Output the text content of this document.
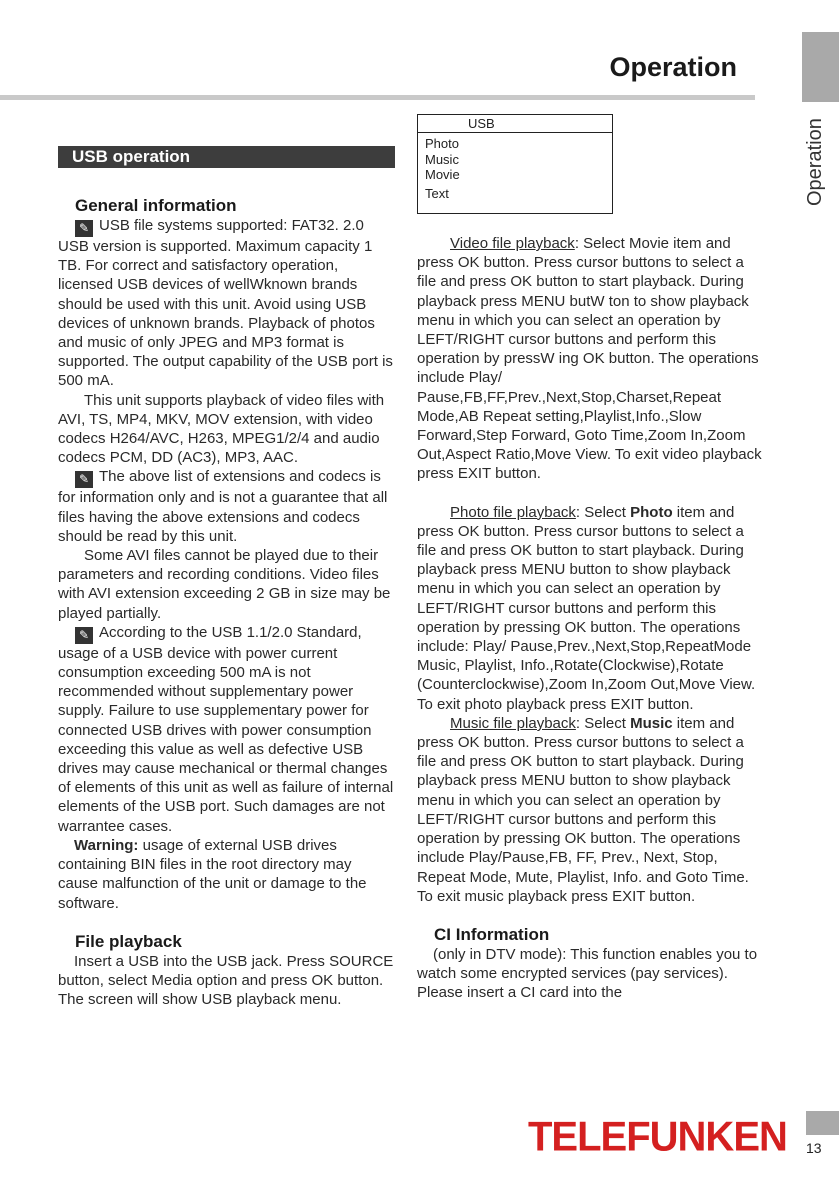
Operation
Operation
USB operation
General information

✎ USB file systems supported: FAT32. 2.0 USB version is supported. Maximum capacity 1 TB. For correct and satisfactory operation, licensed USB devices of wellWknown brands should be used with this unit. Avoid using USB devices of unknown brands. Playback of photos and music of only JPEG and MP3 format is supported. The output capability of the USB port is 500 mA.

This unit supports playback of video files with AVI, TS, MP4, MKV, MOV extension, with video codecs H264/AVC, H263, MPEG1/2/4 and audio codecs PCM, DD (AC3), MP3, AAC.

✎ The above list of extensions and codecs is for information only and is not a guarantee that all files having the above extensions and codecs should be read by this unit.

Some AVI files cannot be played due to their parameters and recording conditions. Video files with AVI extension exceeding 2 GB in size may be played partially.

✎ According to the USB 1.1/2.0 Standard, usage of a USB device with power current consumption exceeding 500 mA is not recommended without supplementary power supply. Failure to use supplementary power for connected USB drives with power consumption exceeding this value as well as defective USB drives may cause mechanical or thermal changes of elements of this unit as well as failure of internal elements of the USB port. Such damages are not warrantee cases.

Warning: usage of external USB drives containing BIN files in the root directory may cause malfunction of the unit or damage to the software.

File playback

Insert a USB into the USB jack. Press SOURCE button, select Media option and press OK button. The screen will show USB playback menu.

USB
Photo
Music
Movie
Text

Video file playback: Select Movie item and press OK button. Press cursor buttons to select a file and press OK button to start playback. During playback press MENU butW ton to show playback menu in which you can select an operation by LEFT/RIGHT cursor buttons and perform this operation by pressW ing OK button. The operations include Play/ Pause,FB,FF,Prev.,Next,Stop,Charset,Repeat Mode,AB Repeat setting,Playlist,Info.,Slow Forward,Step Forward, Goto Time,Zoom In,Zoom Out,Aspect Ratio,Move View. To exit video playback press EXIT button.

Photo file playback: Select Photo item and press OK button. Press cursor buttons to select a file and press OK button to start playback. During playback press MENU button to show playback menu in which you can select an operation by LEFT/RIGHT cursor buttons and perform this operation by pressing OK button. The operations include: Play/ Pause,Prev.,Next,Stop,RepeatMode Music, Playlist, Info.,Rotate(Clockwise),Rotate (Counterclockwise),Zoom In,Zoom Out,Move View. To exit photo playback press EXIT button.

Music file playback: Select Music item and press OK button. Press cursor buttons to select a file and press OK button to start playback. During playback press MENU button to show playback menu in which you can select an operation by LEFT/RIGHT cursor buttons and perform this operation by pressing OK button. The operations include Play/Pause,FB, FF, Prev., Next, Stop, Repeat Mode, Mute, Playlist, Info. and Goto Time. To exit music playback press EXIT button.

CI Information

(only in DTV mode): This function enables you to watch some encrypted services (pay services). Please insert a CI card into the

TELEFUNKEN 13
